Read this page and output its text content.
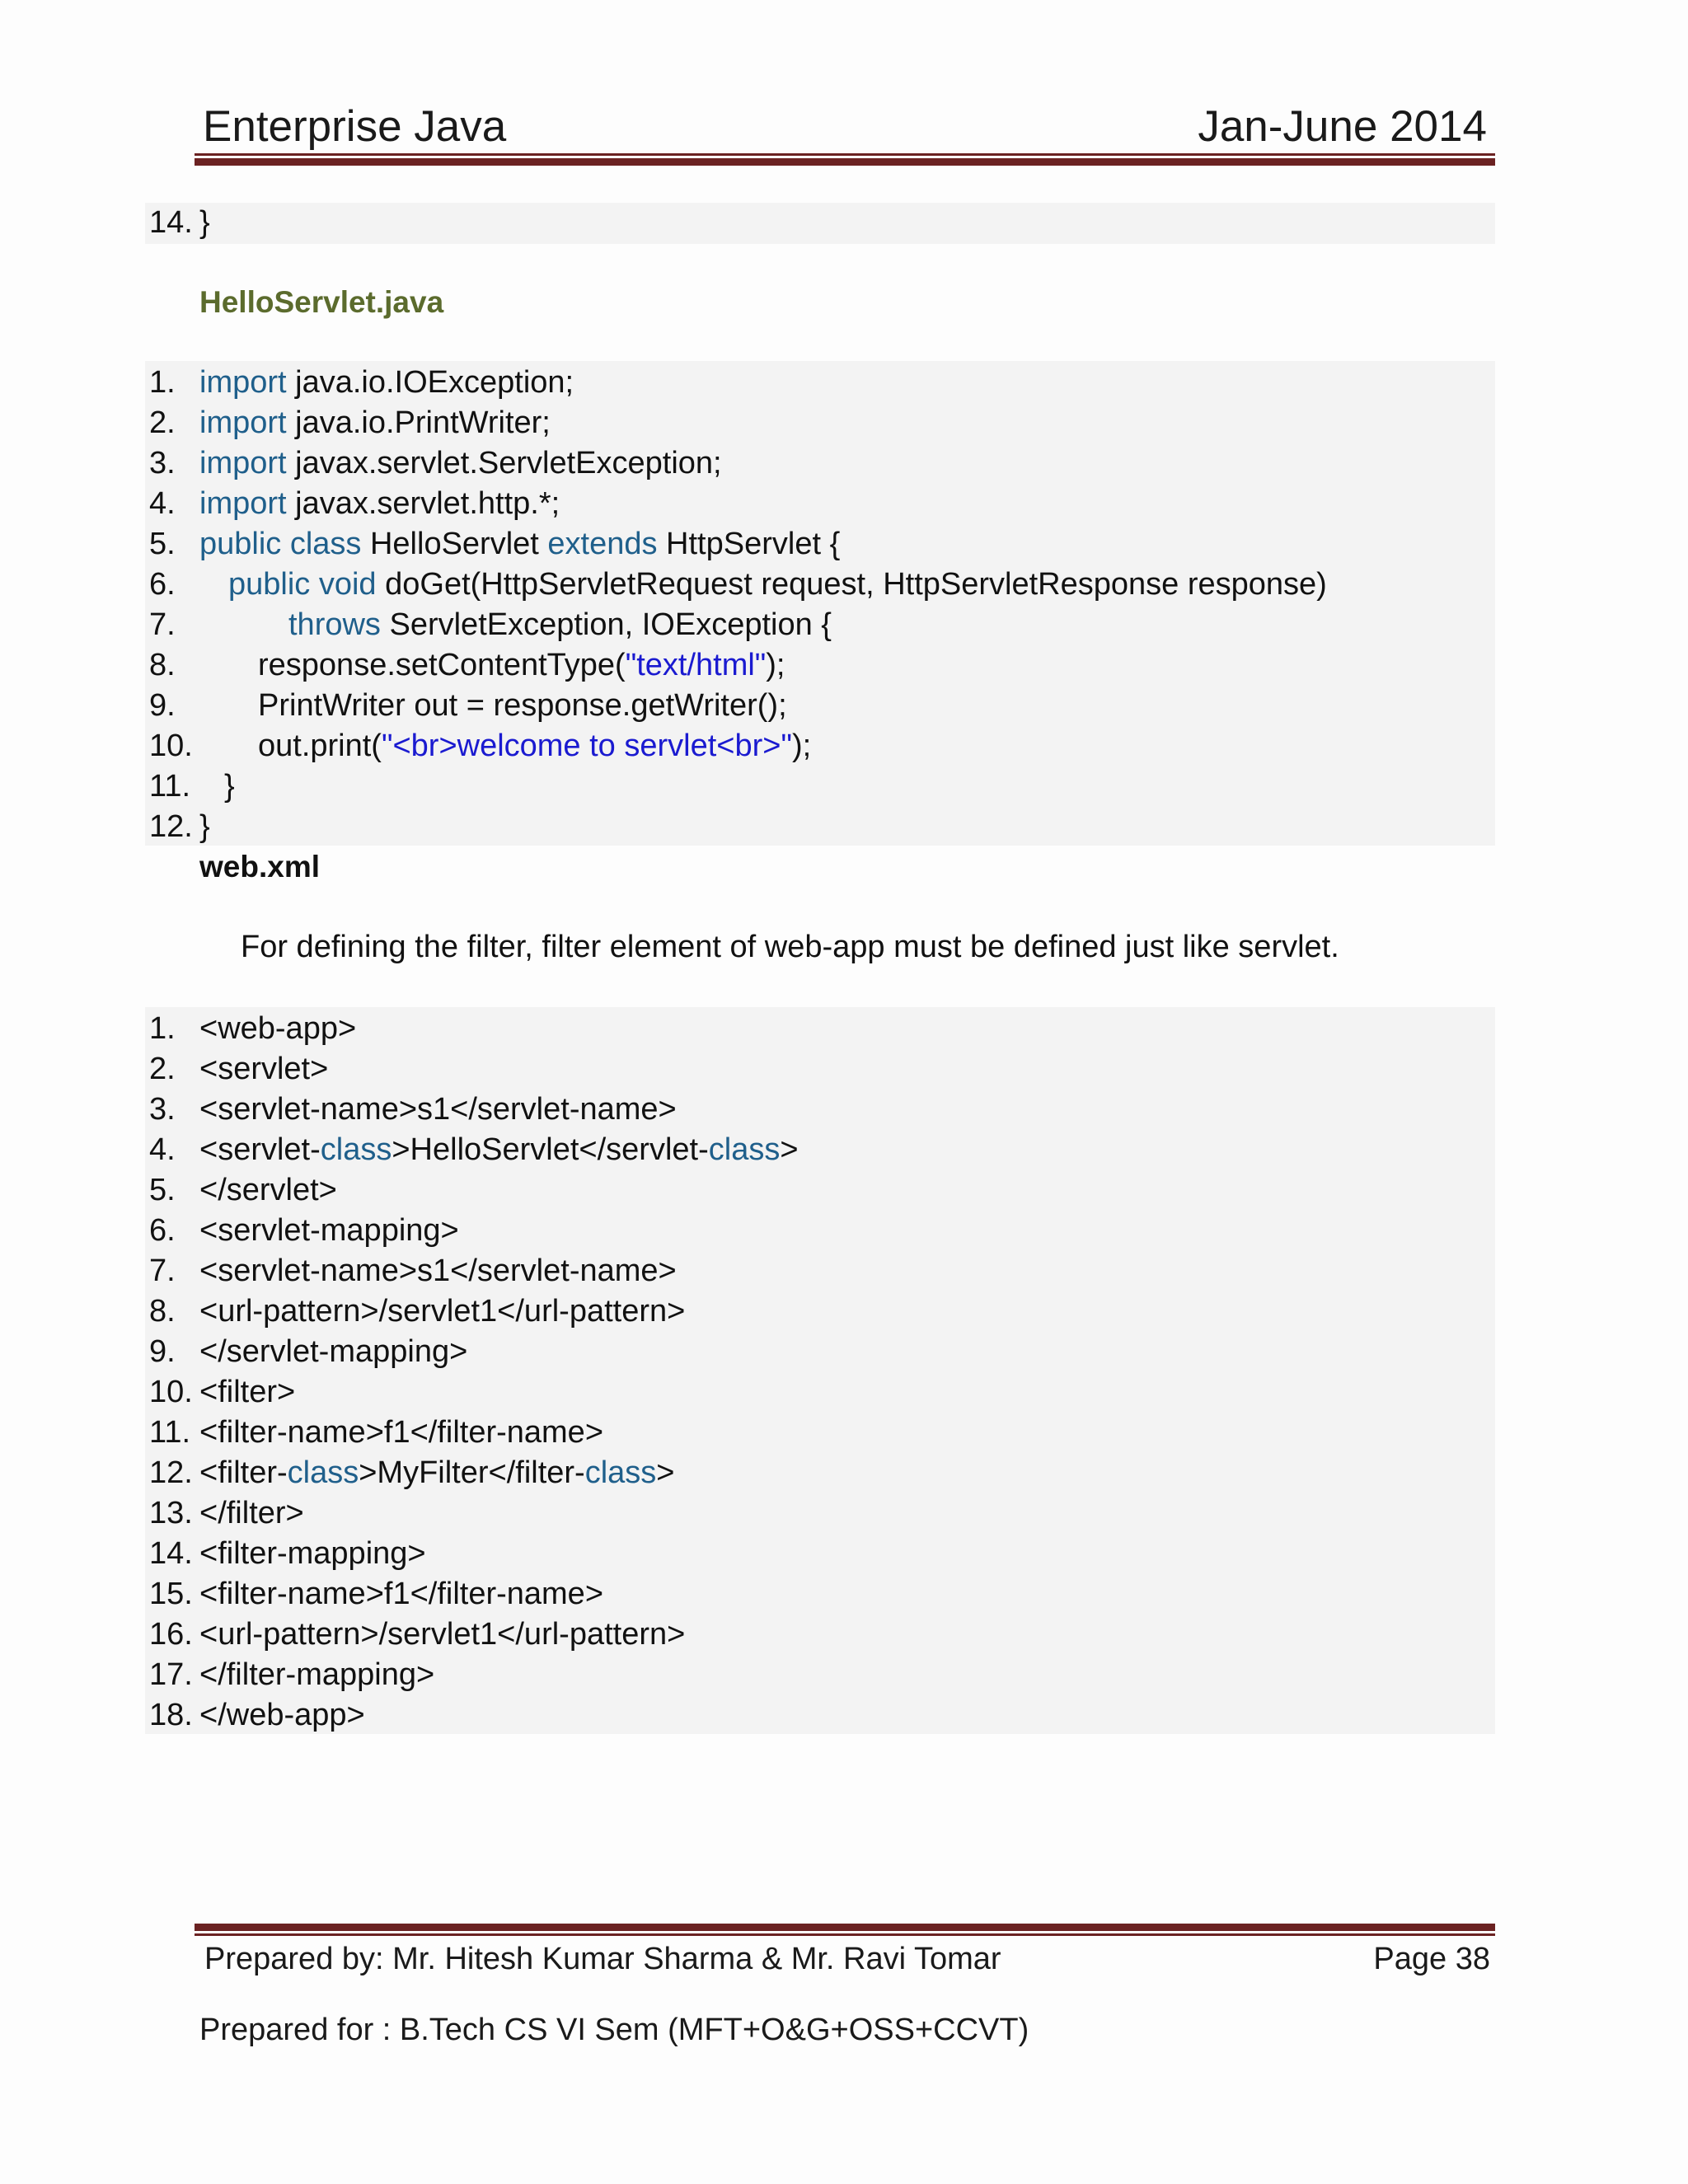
Enterprise Java	Jan-June 2014

14.

}

HelloServlet.java

1.

import java.io.IOException;

2.

import java.io.PrintWriter;

3.

import javax.servlet.ServletException;

4.

import javax.servlet.http.*;

5.

public class HelloServlet extends HttpServlet {

6.

public void doGet(HttpServletRequest request, HttpServletResponse response)

7.

	throws ServletException, IOException {

8.

	response.setContentType("text/html");

9.

	PrintWriter out = response.getWriter();

10.

out.print("<br>welcome to servlet<br>");

11.

}

12.

}

web.xml
For defining the filter, filter element of web-app must be defined just like servlet.

1.

<web-app>

2.

<servlet>

3.

<servlet-name>s1</servlet-name>

4.

<servlet-class>HelloServlet</servlet-class>

5.

</servlet>

6.

<servlet-mapping>

7.

<servlet-name>s1</servlet-name>

8.

<url-pattern>/servlet1</url-pattern>

9.

</servlet-mapping>

10.

<filter>

11.

<filter-name>f1</filter-name>

12.

<filter-class>MyFilter</filter-class>

13.

</filter>

14.

<filter-mapping>

15.

<filter-name>f1</filter-name>

16.

<url-pattern>/servlet1</url-pattern>

17.

</filter-mapping>

18.

</web-app>

Prepared by: Mr. Hitesh Kumar Sharma & Mr. Ravi Tomar	Page 38
Prepared for : B.Tech CS VI Sem (MFT+O&G+OSS+CCVT)
